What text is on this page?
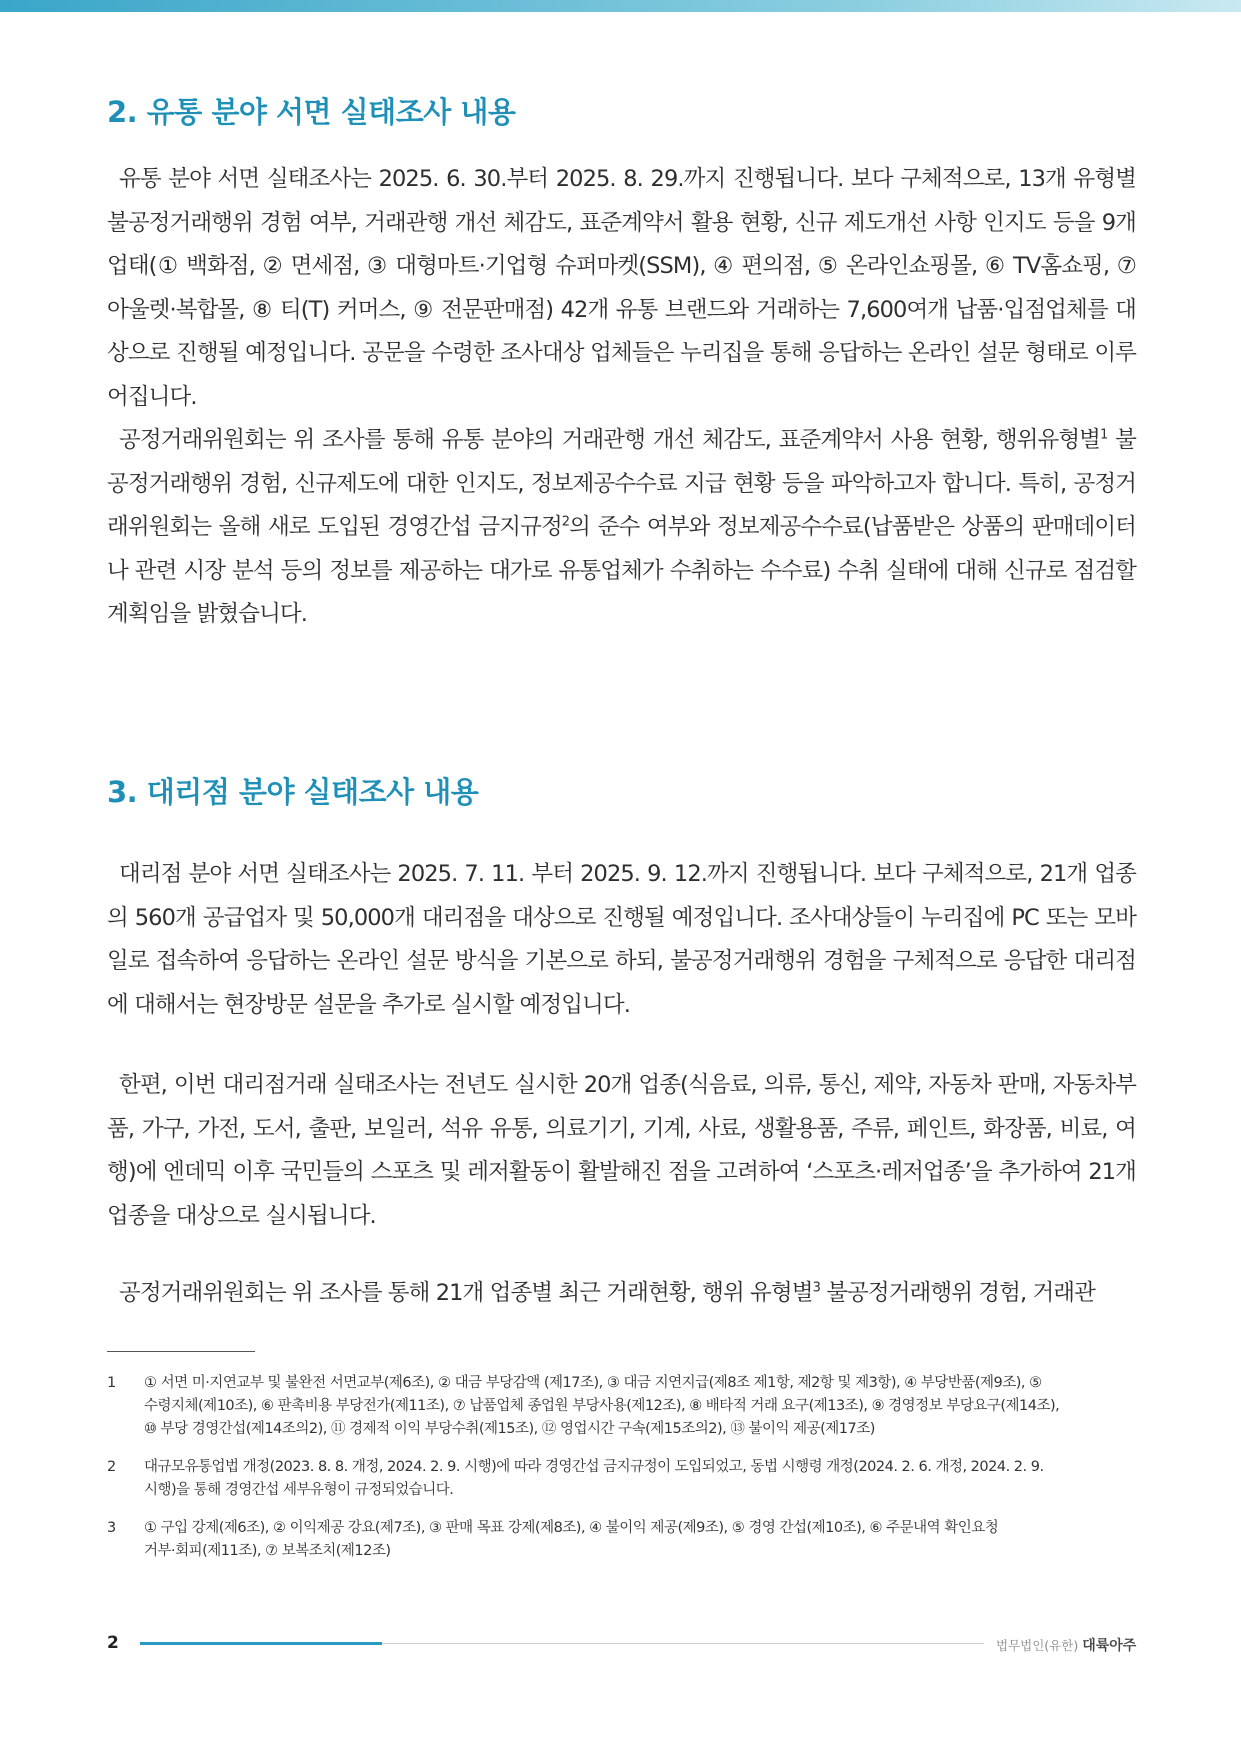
2. 유통 분야 서면 실태조사 내용

유통 분야 서면 실태조사는 2025. 6. 30.부터 2025. 8. 29.까지 진행됩니다. 보다 구체적으로, 13개 유형별 불공정거래행위 경험 여부, 거래관행 개선 체감도, 표준계약서 활용 현황, 신규 제도개선 사항 인지도 등을 9개 업태(① 백화점, ② 면세점, ③ 대형마트·기업형 슈퍼마켓(SSM), ④ 편의점, ⑤ 온라인쇼핑몰, ⑥ TV홈쇼핑, ⑦ 아울렛·복합몰, ⑧ 티(T) 커머스, ⑨ 전문판매점) 42개 유통 브랜드와 거래하는 7,600여개 납품·입점업체를 대상으로 진행될 예정입니다. 공문을 수령한 조사대상 업체들은 누리집을 통해 응답하는 온라인 설문 형태로 이루어집니다.

공정거래위원회는 위 조사를 통해 유통 분야의 거래관행 개선 체감도, 표준계약서 사용 현황, 행위유형별$^1$ 불공정거래행위 경험, 신규제도에 대한 인지도, 정보제공수수료 지급 현황 등을 파악하고자 합니다. 특히, 공정거래위원회는 올해 새로 도입된 경영간섭 금지규정$^2$의 준수 여부와 정보제공수수료(납품받은 상품의 판매데이터나 관련 시장 분석 등의 정보를 제공하는 대가로 유통업체가 수취하는 수수료) 수취 실태에 대해 신규로 점검할 계획임을 밝혔습니다.

3. 대리점 분야 실태조사 내용

대리점 분야 서면 실태조사는 2025. 7. 11. 부터 2025. 9. 12.까지 진행됩니다. 보다 구체적으로, 21개 업종의 560개 공급업자 및 50,000개 대리점을 대상으로 진행될 예정입니다. 조사대상들이 누리집에 PC 또는 모바일로 접속하여 응답하는 온라인 설문 방식을 기본으로 하되, 불공정거래행위 경험을 구체적으로 응답한 대리점에 대해서는 현장방문 설문을 추가로 실시할 예정입니다.

한편, 이번 대리점거래 실태조사는 전년도 실시한 20개 업종(식음료, 의류, 통신, 제약, 자동차 판매, 자동차부품, 가구, 가전, 도서, 출판, 보일러, 석유 유통, 의료기기, 기계, 사료, 생활용품, 주류, 페인트, 화장품, 비료, 여행)에 엔데믹 이후 국민들의 스포츠 및 레저활동이 활발해진 점을 고려하여 ‘스포츠·레저업종’을 추가하여 21개 업종을 대상으로 실시됩니다.

공정거래위원회는 위 조사를 통해 21개 업종별 최근 거래현황, 행위 유형별$^3$ 불공정거래행위 경험, 거래관

1	① 서면 미·지연교부 및 불완전 서면교부(제6조), ② 대금 부당감액 (제17조), ③ 대금 지연지급(제8조 제1항, 제2항 및 제3항), ④ 부당반품(제9조), ⑤
수령지체(제10조), ⑥ 판촉비용 부당전가(제11조), ⑦ 납품업체 종업원 부당사용(제12조), ⑧ 배타적 거래 요구(제13조), ⑨ 경영정보 부당요구(제14조),
⑩ 부당 경영간섭(제14조의2), ⑪ 경제적 이익 부당수취(제15조), ⑫ 영업시간 구속(제15조의2), ⑬ 불이익 제공(제17조)
2	대규모유통업법 개정(2023. 8. 8. 개정, 2024. 2. 9. 시행)에 따라 경영간섭 금지규정이 도입되었고, 동법 시행령 개정(2024. 2. 6. 개정, 2024. 2. 9.
시행)을 통해 경영간섭 세부유형이 규정되었습니다.
3	① 구입 강제(제6조), ② 이익제공 강요(제7조), ③ 판매 목표 강제(제8조), ④ 불이익 제공(제9조), ⑤ 경영 간섭(제10조), ⑥ 주문내역 확인요청
거부·회피(제11조), ⑦ 보복조치(제12조)
2	법무법인(유한) 대륙아주
